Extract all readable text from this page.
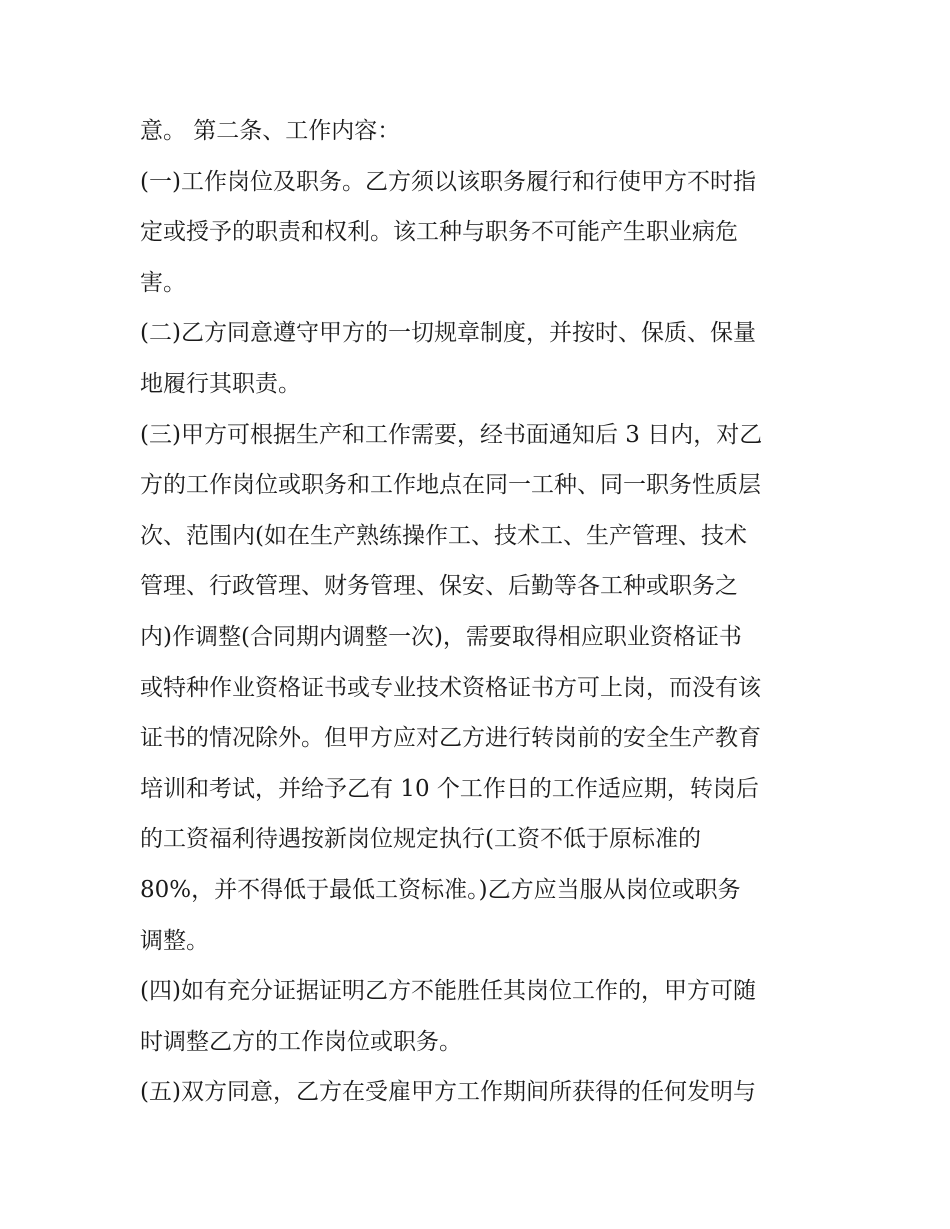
意。 第二条、工作内容：
(一)工作岗位及职务。乙方须以该职务履行和行使甲方不时指
定或授予的职责和权利。该工种与职务不可能产生职业病危
害。
(二)乙方同意遵守甲方的一切规章制度，并按时、保质、保量
地履行其职责。
(三)甲方可根据生产和工作需要，经书面通知后 3 日内，对乙
方的工作岗位或职务和工作地点在同一工种、同一职务性质层
次、范围内(如在生产熟练操作工、技术工、生产管理、技术
管理、行政管理、财务管理、保安、后勤等各工种或职务之
内)作调整(合同期内调整一次)，需要取得相应职业资格证书
或特种作业资格证书或专业技术资格证书方可上岗，而没有该
证书的情况除外。但甲方应对乙方进行转岗前的安全生产教育
培训和考试，并给予乙有 10 个工作日的工作适应期，转岗后
的工资福利待遇按新岗位规定执行(工资不低于原标准的
80%，并不得低于最低工资标准。)乙方应当服从岗位或职务
调整。
(四)如有充分证据证明乙方不能胜任其岗位工作的，甲方可随
时调整乙方的工作岗位或职务。
(五)双方同意，乙方在受雇甲方工作期间所获得的任何发明与
